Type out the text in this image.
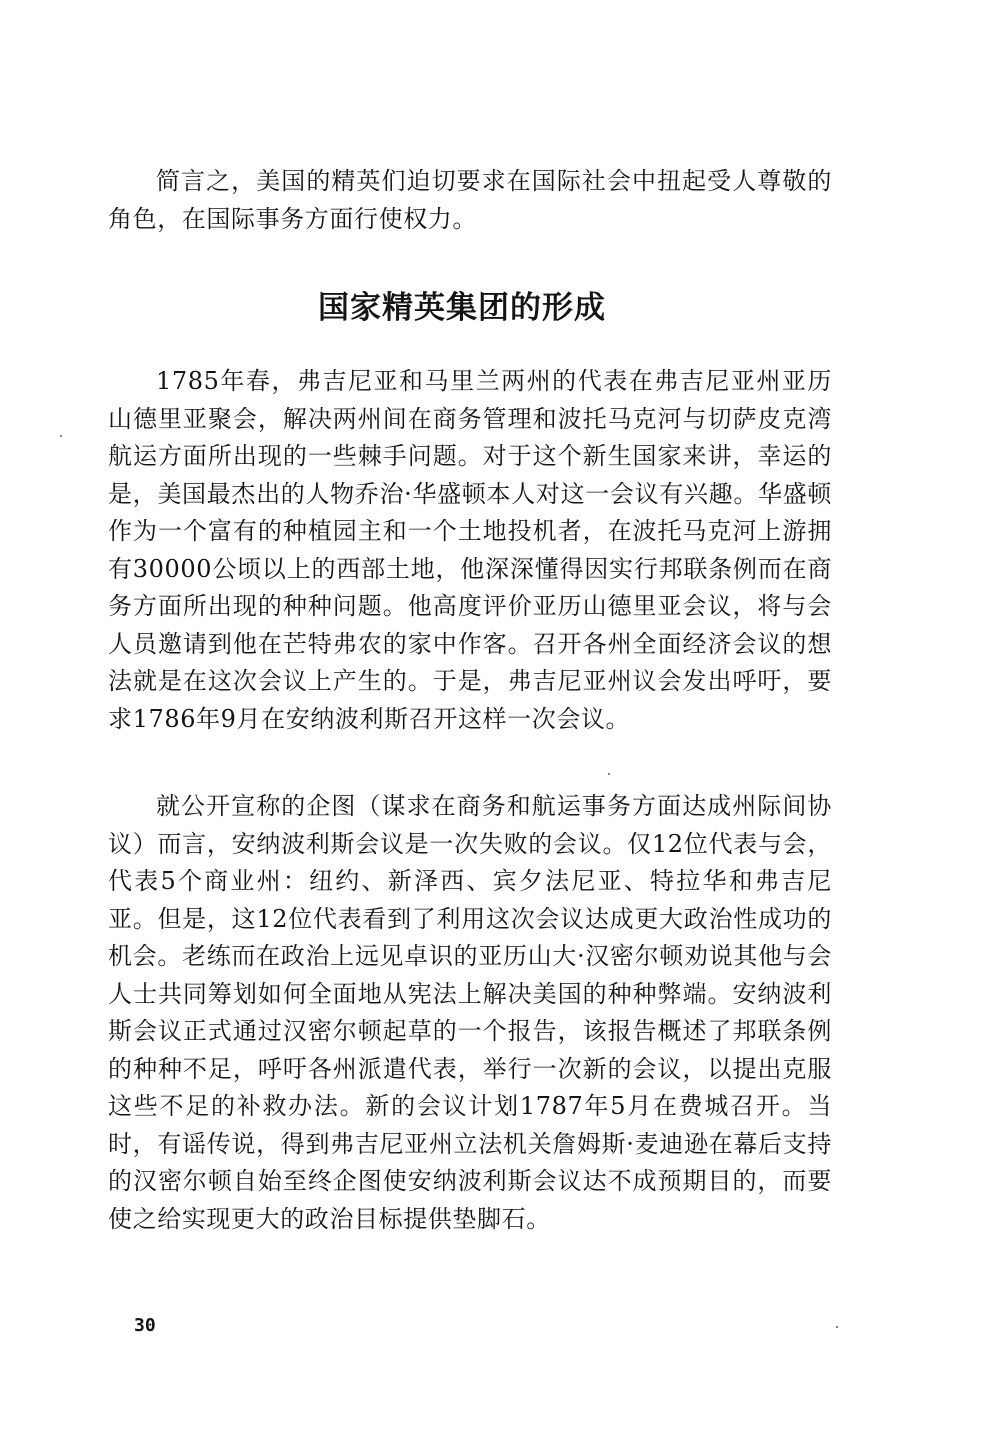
简言之，美国的精英们迫切要求在国际社会中扭起受人尊敬的角色，在国际事务方面行使权力。

国家精英集团的形成

1785年春，弗吉尼亚和马里兰两州的代表在弗吉尼亚州亚历山德里亚聚会，解决两州间在商务管理和波托马克河与切萨皮克湾航运方面所出现的一些棘手问题。对于这个新生国家来讲，幸运的是，美国最杰出的人物乔治·华盛顿本人对这一会议有兴趣。华盛顿作为一个富有的种植园主和一个土地投机者，在波托马克河上游拥有30000公顷以上的西部土地，他深深懂得因实行邦联条例而在商务方面所出现的种种问题。他高度评价亚历山德里亚会议，将与会人员邀请到他在芒特弗农的家中作客。召开各州全面经济会议的想法就是在这次会议上产生的。于是，弗吉尼亚州议会发出呼吁，要求1786年9月在安纳波利斯召开这样一次会议。

就公开宣称的企图（谋求在商务和航运事务方面达成州际间协议）而言，安纳波利斯会议是一次失败的会议。仅12位代表与会，代表5个商业州：纽约、新泽西、宾夕法尼亚、特拉华和弗吉尼亚。但是，这12位代表看到了利用这次会议达成更大政治性成功的机会。老练而在政治上远见卓识的亚历山大·汉密尔顿劝说其他与会人士共同筹划如何全面地从宪法上解决美国的种种弊端。安纳波利斯会议正式通过汉密尔顿起草的一个报告，该报告概述了邦联条例的种种不足，呼吁各州派遣代表，举行一次新的会议，以提出克服这些不足的补救办法。新的会议计划1787年5月在费城召开。当时，有谣传说，得到弗吉尼亚州立法机关詹姆斯·麦迪逊在幕后支持的汉密尔顿自始至终企图使安纳波利斯会议达不成预期目的，而要使之给实现更大的政治目标提供垫脚石。

30
